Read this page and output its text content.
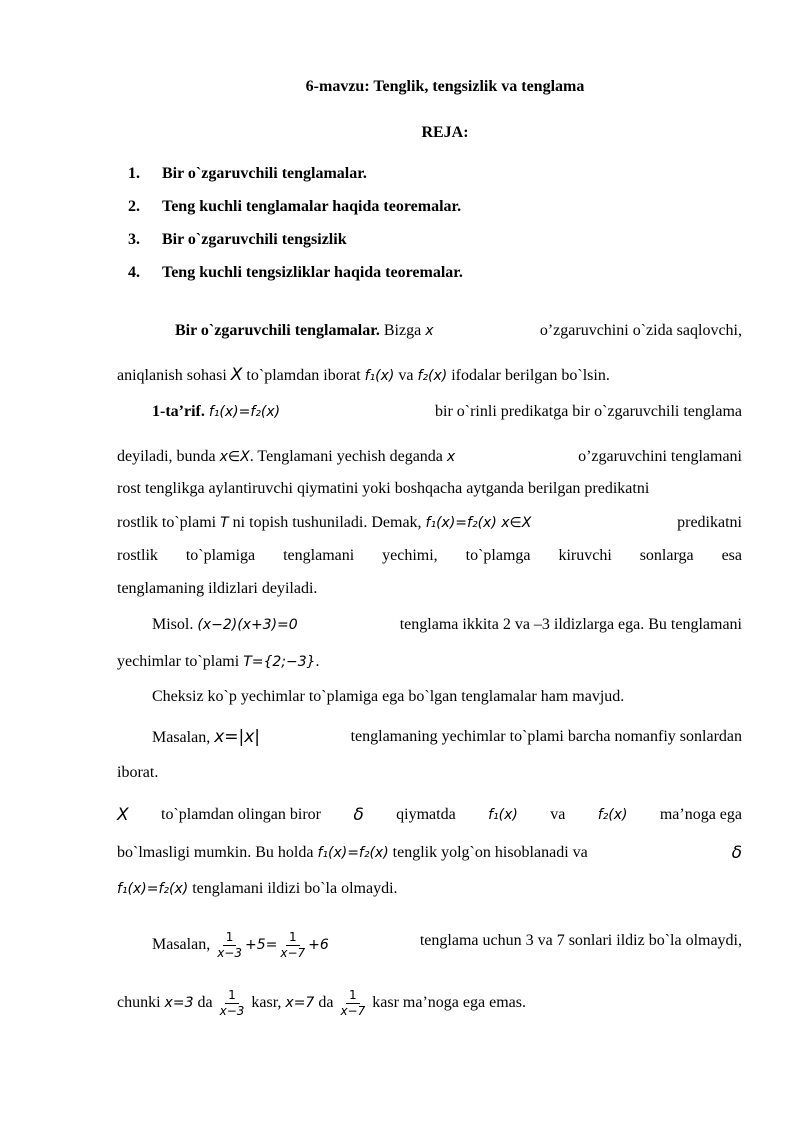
6-mavzu: Tenglik, tengsizlik va tenglama
REJA:
1. Bir o`zgaruvchili tenglamalar.
2. Teng kuchli tenglamalar haqida teoremalar.
3. Bir o`zgaruvchili tengsizlik
4. Teng kuchli tengsizliklar haqida teoremalar.
Bir o`zgaruvchili tenglamalar. Bizga x	o’zgaruvchini o`zida saqlovchi,
aniqlanish sohasi X to`plamdan iborat f₁(x) va f₂(x) ifodalar berilgan bo`lsin.
1-ta’rif. f₁(x)=f₂(x)	bir o`rinli predikatga bir o`zgaruvchili tenglama
deyiladi, bunda x∈X. Tenglamani yechish deganda x	o’zgaruvchini tenglamani
rost tenglikga aylantiruvchi qiymatini yoki boshqacha aytganda berilgan predikatni
rostlik to`plami T ni topish tushuniladi. Demak, f₁(x)=f₂(x) x∈X	predikatni
rostlik to`plamiga tenglamani yechimi, to`plamga kiruvchi sonlarga esa
tenglamaning ildizlari deyiladi.
Misol. (x−2)(x+3)=0	tenglama ikkita 2 va –3 ildizlarga ega. Bu tenglamani
yechimlar to`plami T={2;−3}.
Cheksiz ko`p yechimlar to`plamiga ega bo`lgan tenglamalar ham mavjud.
Masalan, x=|x|	tenglamaning yechimlar to`plami barcha nomanfiy sonlardan
iborat.
X to`plamdan olingan biror δ qiymatda f₁(x) va f₂(x) ma’noga ega
bo`lmasligi mumkin. Bu holda f₁(x)=f₂(x) tenglik yolg`on hisoblanadi va	δ
f₁(x)=f₂(x) tenglamani ildizi bo`la olmaydi.
Masalan, $\frac{1}{x-3} +5= \frac{1}{x-7} +6$	tenglama uchun 3 va 7 sonlari ildiz bo`la olmaydi,
chunki x=3 da $\frac{1}{x-3}$ kasr, x=7 da $\frac{1}{x-7}$ kasr ma’noga ega emas.
